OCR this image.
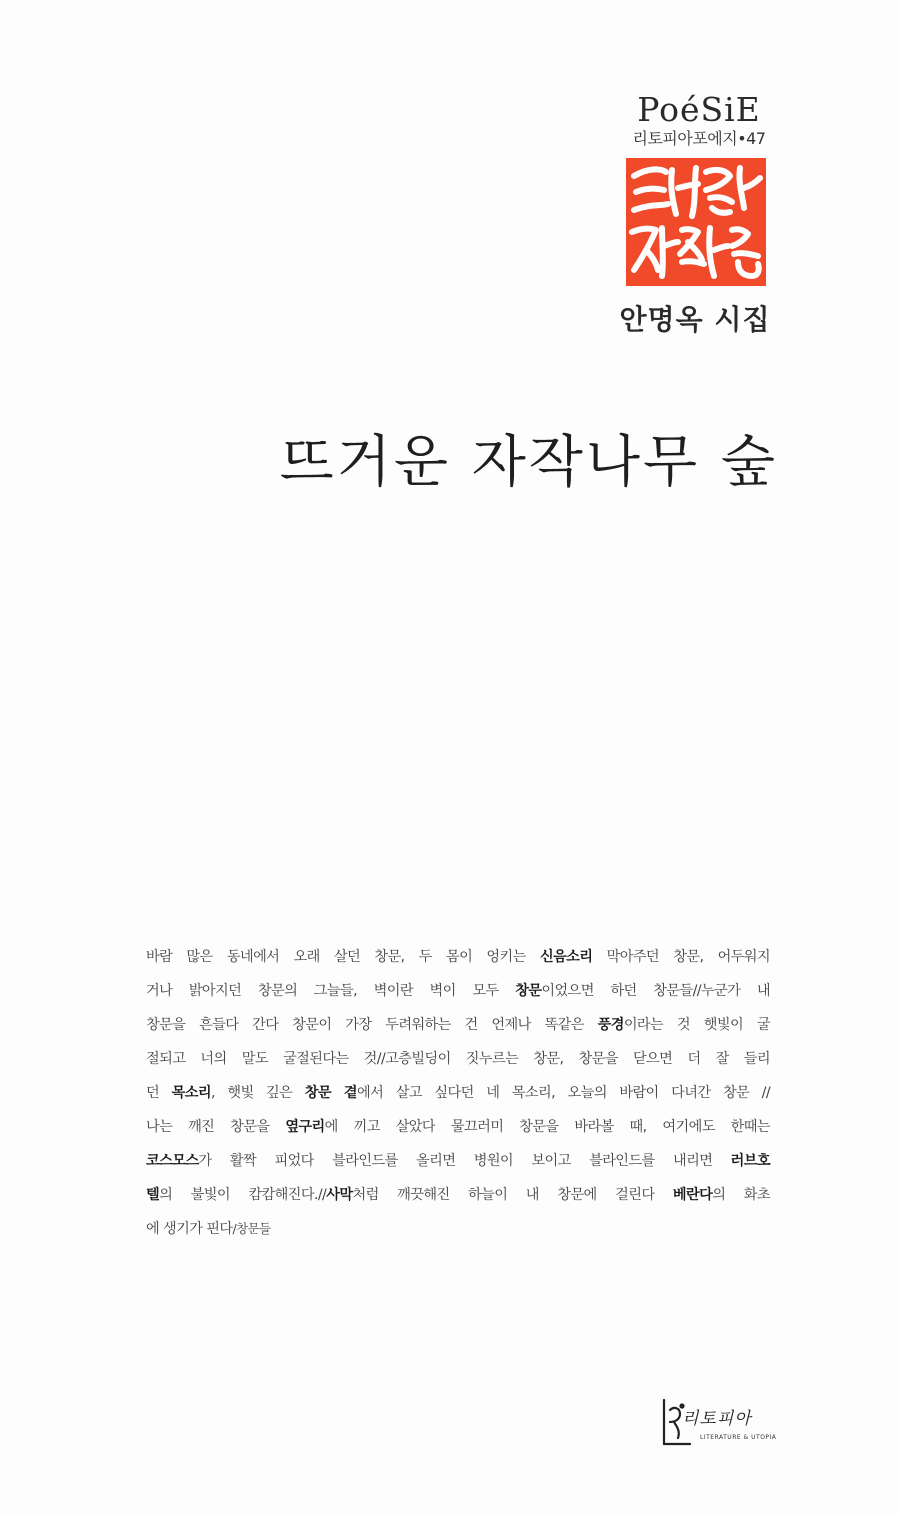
PoéSiE
리토피아포에지•47
안명옥 시집
뜨거운 자작나무 숲
바람 많은 동네에서 오래 살던 창문, 두 몸이 엉키는 신음소리 막아주던 창문, 어두워지
거나 밝아지던 창문의 그늘들, 벽이란 벽이 모두 창문이었으면 하던 창문들//누군가 내
창문을 흔들다 간다 창문이 가장 두려워하는 건 언제나 똑같은 풍경이라는 것 햇빛이 굴
절되고 너의 말도 굴절된다는 것//고층빌딩이 짓누르는 창문, 창문을 닫으면 더 잘 들리
던 목소리, 햇빛 깊은 창문 곁에서 살고 싶다던 네 목소리, 오늘의 바람이 다녀간 창문 //
나는 깨진 창문을 옆구리에 끼고 살았다 물끄러미 창문을 바라볼 때, 여기에도 한때는
코스모스가 활짝 피었다 블라인드를 올리면 병원이 보이고 블라인드를 내리면 러브호
텔의 불빛이 캄캄해진다.//사막처럼 깨끗해진 하늘이 내 창문에 걸린다 베란다의 화초
에 생기가 핀다/창문들
리토피아
LITERATURE & UTOPIA
